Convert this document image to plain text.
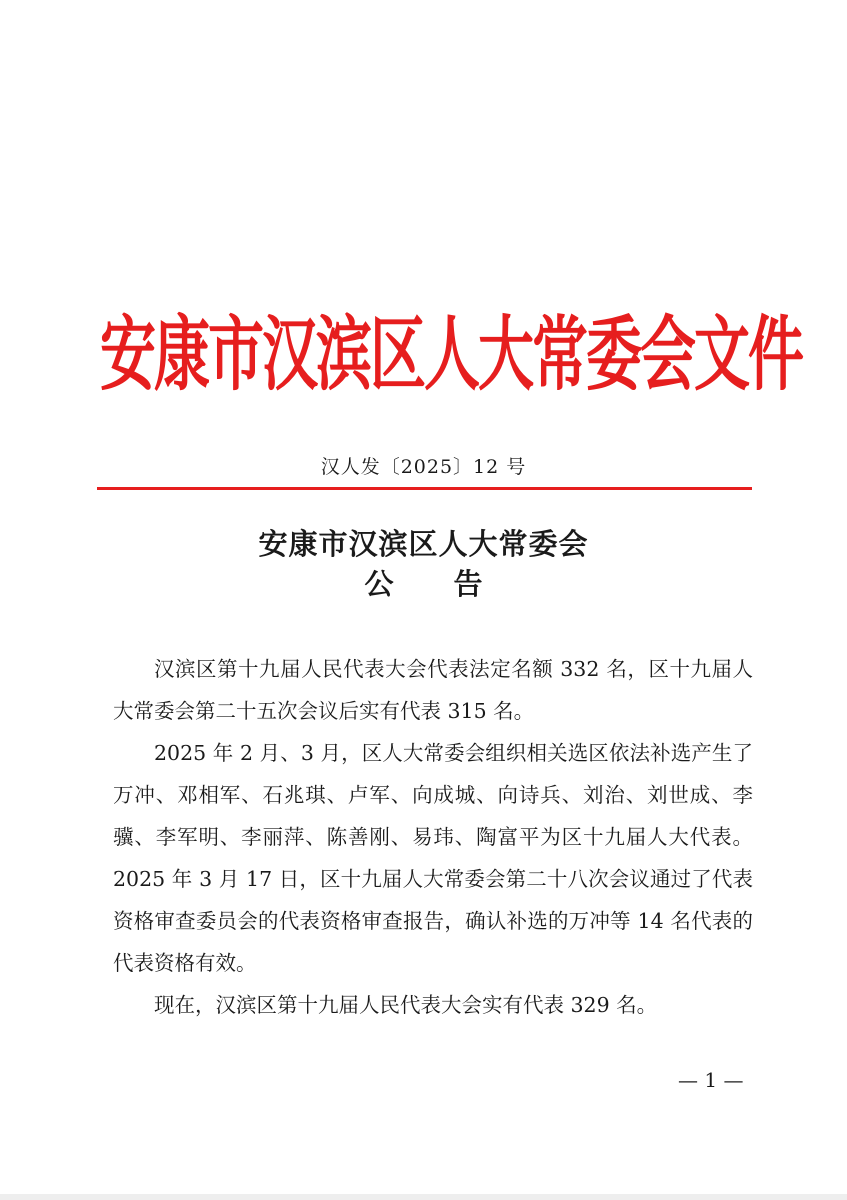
安康市汉滨区人大常委会文件
汉人发〔2025〕12 号
安康市汉滨区人大常委会
公 告

汉滨区第十九届人民代表大会代表法定名额 332 名，区十九届人大常委会第二十五次会议后实有代表 315 名。

2025 年 2 月、3 月，区人大常委会组织相关选区依法补选产生了万冲、邓相军、石兆琪、卢军、向成城、向诗兵、刘治、刘世成、李骥、李军明、李丽萍、陈善刚、易玮、陶富平为区十九届人大代表。2025 年 3 月 17 日，区十九届人大常委会第二十八次会议通过了代表资格审查委员会的代表资格审查报告，确认补选的万冲等 14 名代表的代表资格有效。

现在，汉滨区第十九届人民代表大会实有代表 329 名。

— 1 —
